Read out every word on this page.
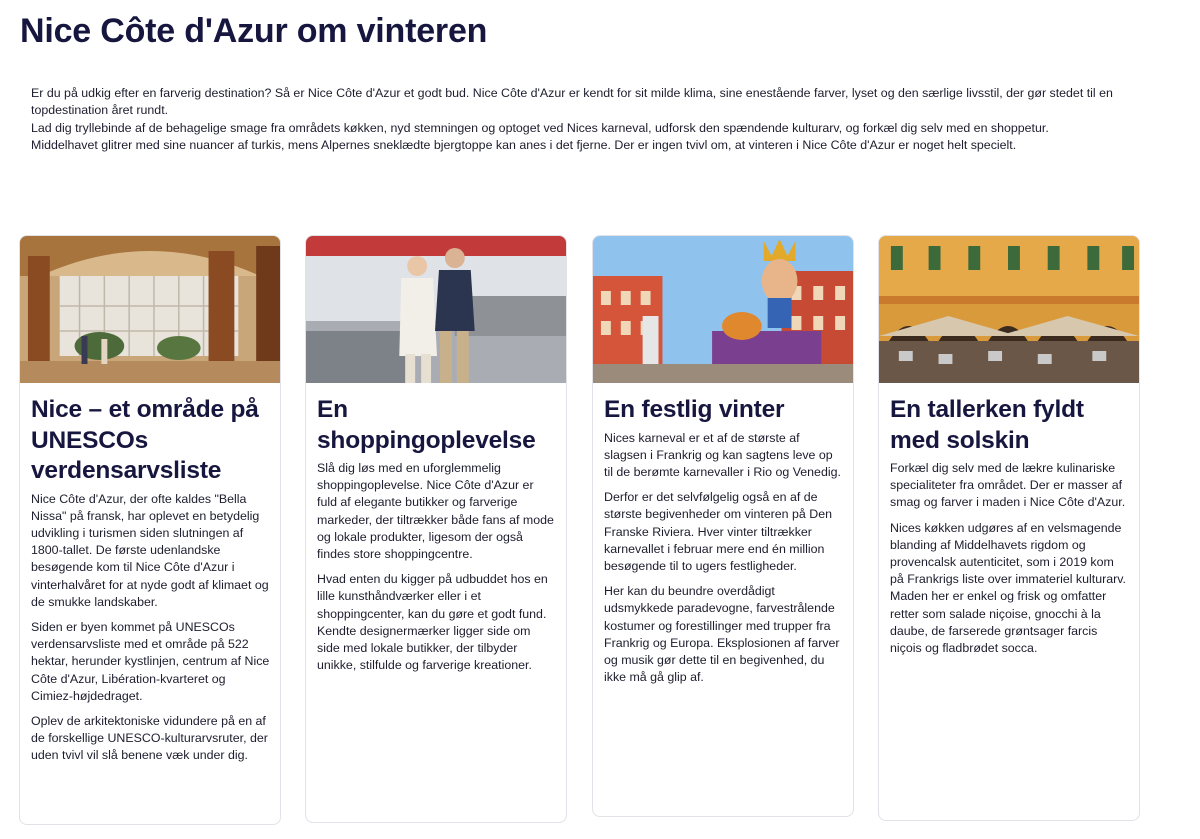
Nice Côte d'Azur om vinteren

Er du på udkig efter en farverig destination? Så er Nice Côte d'Azur et godt bud. Nice Côte d'Azur er kendt for sit milde klima, sine enestående farver, lyset og den særlige livsstil, der gør stedet til en topdestination året rundt.

Lad dig tryllebinde af de behagelige smage fra områdets køkken, nyd stemningen og optoget ved Nices karneval, udforsk den spændende kulturarv, og forkæl dig selv med en shoppetur.

Middelhavet glitrer med sine nuancer af turkis, mens Alpernes sneklædte bjergtoppe kan anes i det fjerne. Der er ingen tvivl om, at vinteren i Nice Côte d'Azur er noget helt specielt.

Nice – et område på UNESCOs verdensarvsliste

Nice Côte d'Azur, der ofte kaldes "Bella Nissa" på fransk, har oplevet en betydelig udvikling i turismen siden slutningen af 1800-tallet. De første udenlandske besøgende kom til Nice Côte d'Azur i vinterhalvåret for at nyde godt af klimaet og de smukke landskaber.

Siden er byen kommet på UNESCOs verdensarvsliste med et område på 522 hektar, herunder kystlinjen, centrum af Nice Côte d'Azur, Libération-kvarteret og Cimiez-højdedraget.

Oplev de arkitektoniske vidundere på en af de forskellige UNESCO-kulturarvsruter, der uden tvivl vil slå benene væk under dig.

En shoppingoplevelse

Slå dig løs med en uforglemmelig shoppingoplevelse. Nice Côte d'Azur er fuld af elegante butikker og farverige markeder, der tiltrækker både fans af mode og lokale produkter, ligesom der også findes store shoppingcentre.

Hvad enten du kigger på udbuddet hos en lille kunsthåndværker eller i et shoppingcenter, kan du gøre et godt fund. Kendte designermærker ligger side om side med lokale butikker, der tilbyder unikke, stilfulde og farverige kreationer.

En festlig vinter

Nices karneval er et af de største af slagsen i Frankrig og kan sagtens leve op til de berømte karnevaller i Rio og Venedig.

Derfor er det selvfølgelig også en af de største begivenheder om vinteren på Den Franske Riviera. Hver vinter tiltrækker karnevallet i februar mere end én million besøgende til to ugers festligheder.

Her kan du beundre overdådigt udsmykkede paradevogne, farvestrålende kostumer og forestillinger med trupper fra Frankrig og Europa. Eksplosionen af farver og musik gør dette til en begivenhed, du ikke må gå glip af.

En tallerken fyldt med solskin

Forkæl dig selv med de lækre kulinariske specialiteter fra området. Der er masser af smag og farver i maden i Nice Côte d'Azur.

Nices køkken udgøres af en velsmagende blanding af Middelhavets rigdom og provencalsk autenticitet, som i 2019 kom på Frankrigs liste over immateriel kulturarv. Maden her er enkel og frisk og omfatter retter som salade niçoise, gnocchi à la daube, de farserede grøntsager farcis niçois og fladbrødet socca.
